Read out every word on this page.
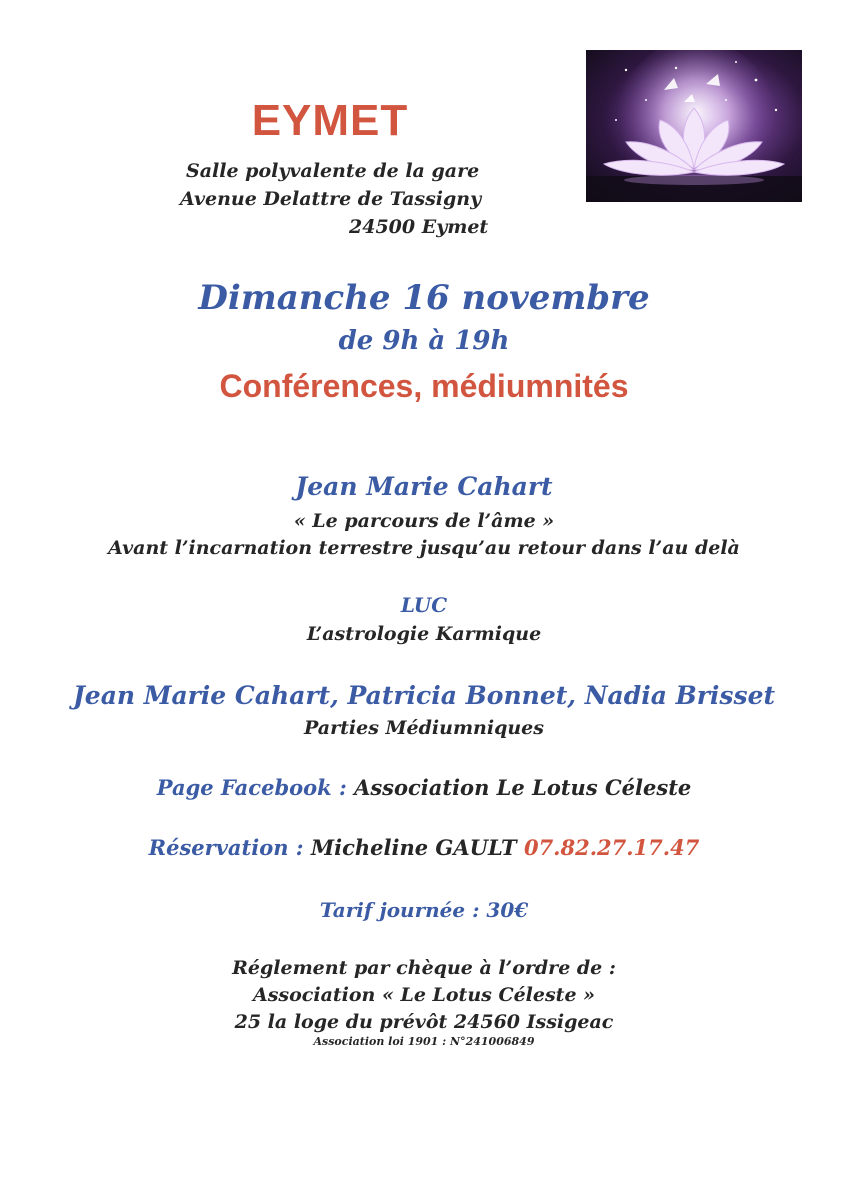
EYMET
Salle polyvalente de la gare
Avenue Delattre de Tassigny
24500 Eymet
Dimanche 16 novembre
de 9h à 19h
Conférences, médiumnités
Jean Marie Cahart
« Le parcours de l’âme »
Avant l’incarnation terrestre jusqu’au retour dans l’au delà
LUC
L’astrologie Karmique
Jean Marie Cahart, Patricia Bonnet, Nadia Brisset
Parties Médiumniques
Page Facebook : Association Le Lotus Céleste
Réservation : Micheline GAULT 07.82.27.17.47
Tarif journée : 30€
Réglement par chèque à l’ordre de :
Association « Le Lotus Céleste »
25 la loge du prévôt 24560 Issigeac
Association loi 1901 : N°241006849
